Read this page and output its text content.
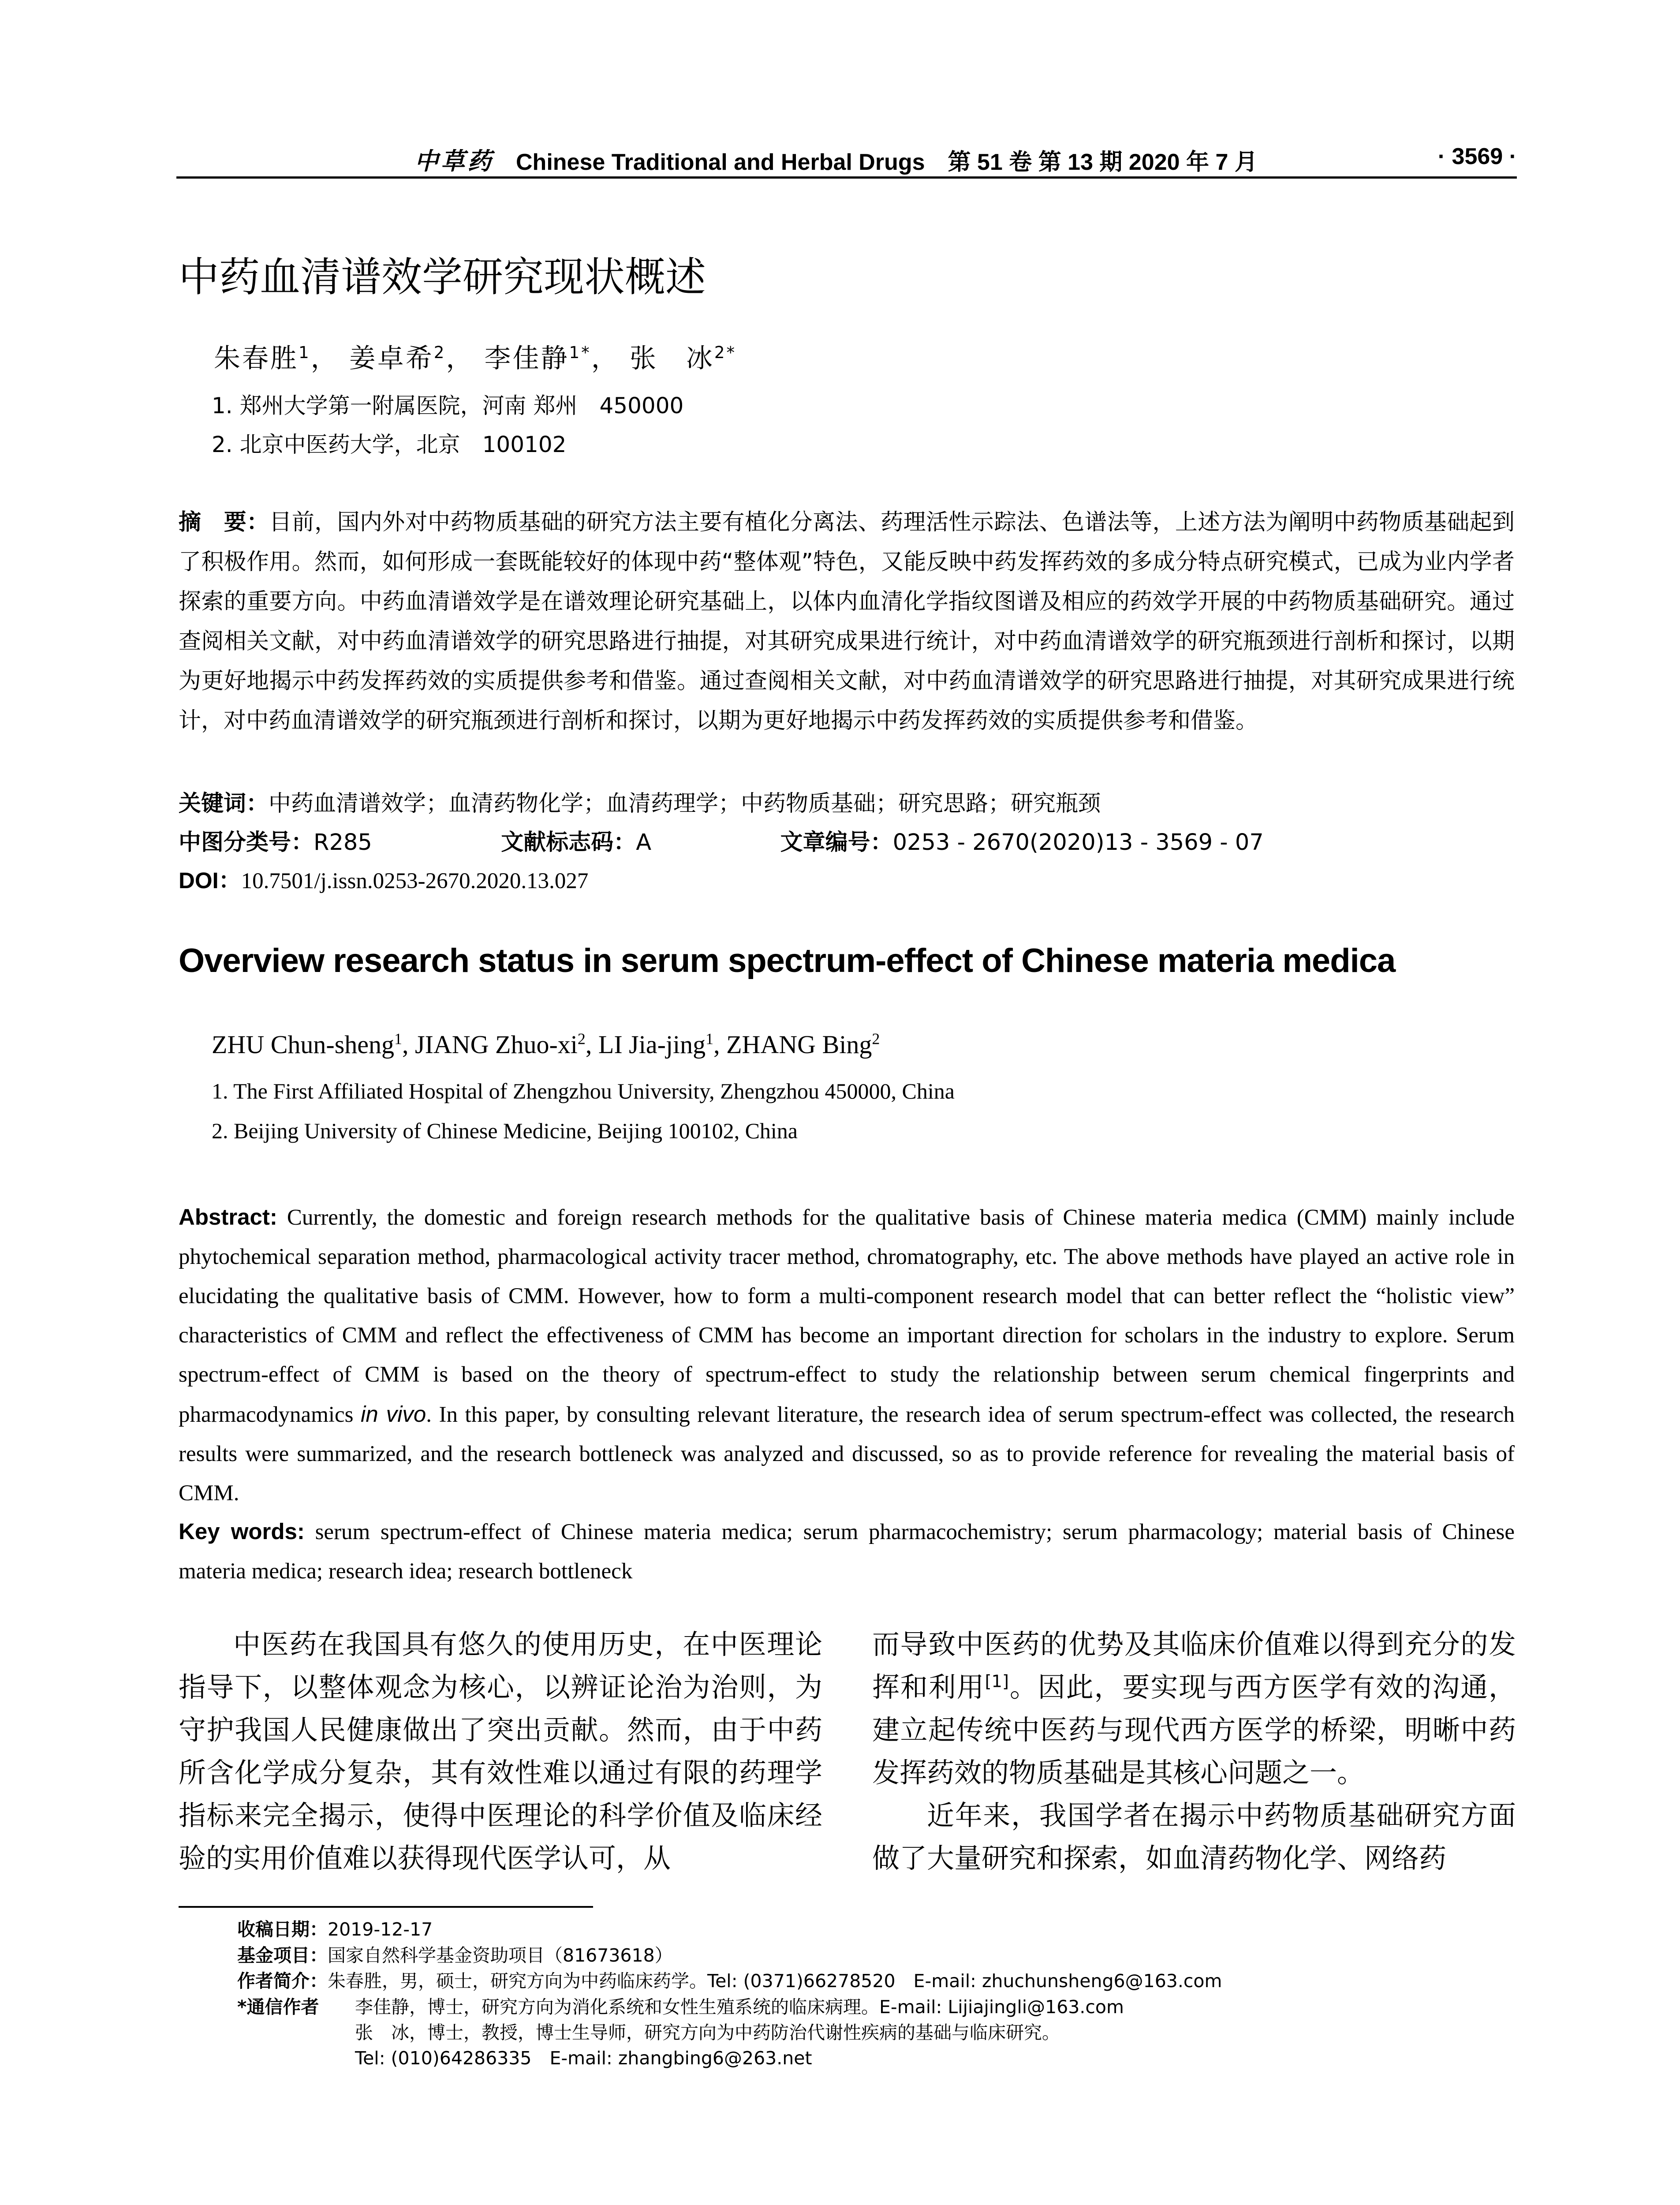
中草药 Chinese Traditional and Herbal Drugs　第 51 卷 第 13 期 2020 年 7 月	· 3569 ·
中药血清谱效学研究现状概述
朱春胜$^1$， 姜卓希$^2$， 李佳静$^{1*}$， 张　冰$^{2*}$
1. 郑州大学第一附属医院，河南 郑州　450000
2. 北京中医药大学，北京　100102
摘　要：目前，国内外对中药物质基础的研究方法主要有植化分离法、药理活性示踪法、色谱法等，上述方法为阐明中药物质基础起到了积极作用。然而，如何形成一套既能较好的体现中药“整体观”特色，又能反映中药发挥药效的多成分特点研究模式，已成为业内学者探索的重要方向。中药血清谱效学是在谱效理论研究基础上，以体内血清化学指纹图谱及相应的药效学开展的中药物质基础研究。通过查阅相关文献，对中药血清谱效学的研究思路进行抽提，对其研究成果进行统计，对中药血清谱效学的研究瓶颈进行剖析和探讨，以期为更好地揭示中药发挥药效的实质提供参考和借鉴。通过查阅相关文献，对中药血清谱效学的研究思路进行抽提，对其研究成果进行统计，对中药血清谱效学的研究瓶颈进行剖析和探讨，以期为更好地揭示中药发挥药效的实质提供参考和借鉴。
关键词：中药血清谱效学；血清药物化学；血清药理学；中药物质基础；研究思路；研究瓶颈
中图分类号：R285	文献标志码：A	文章编号：0253 - 2670(2020)13 - 3569 - 07
DOI：10.7501/j.issn.0253-2670.2020.13.027
Overview research status in serum spectrum-effect of Chinese materia medica
ZHU Chun-sheng$^1$, JIANG Zhuo-$xi^2$, LI Jia-jing$^1$, ZHANG Bing$^2$
1. The First Affiliated Hospital of Zhengzhou University, Zhengzhou 450000, China
2. Beijing University of Chinese Medicine, Beijing 100102, China
Abstract: Currently, the domestic and foreign research methods for the qualitative basis of Chinese materia medica (CMM) mainly include phytochemical separation method, pharmacological activity tracer method, chromatography, etc. The above methods have played an active role in elucidating the qualitative basis of CMM. However, how to form a multi-component research model that can better reflect the “holistic view” characteristics of CMM and reflect the effectiveness of CMM has become an important direction for scholars in the industry to explore. Serum spectrum-effect of CMM is based on the theory of spectrum-effect to study the relationship between serum chemical fingerprints and pharmacodynamics in vivo. In this paper, by consulting relevant literature, the research idea of serum spectrum-effect was collected, the research results were summarized, and the research bottleneck was analyzed and discussed, so as to provide reference for revealing the material basis of CMM.
Key words: serum spectrum-effect of Chinese materia medica; serum pharmacochemistry; serum pharmacology; material basis of Chinese materia medica; research idea; research bottleneck

中医药在我国具有悠久的使用历史，在中医理论指导下，以整体观念为核心，以辨证论治为治则，为守护我国人民健康做出了突出贡献。然而，由于中药所含化学成分复杂，其有效性难以通过有限的药理学指标来完全揭示，使得中医理论的科学价值及临床经验的实用价值难以获得现代医学认可，从

而导致中医药的优势及其临床价值难以得到充分的发挥和利用[1]。因此，要实现与西方医学有效的沟通，建立起传统中医药与现代西方医学的桥梁，明晰中药发挥药效的物质基础是其核心问题之一。

近年来，我国学者在揭示中药物质基础研究方面做了大量研究和探索，如血清药物化学、网络药

收稿日期：2019-12-17
基金项目：国家自然科学基金资助项目（81673618）
作者简介：朱春胜，男，硕士，研究方向为中药临床药学。Tel: (0371)66278520　E-mail: zhuchunsheng6@163.com
*通信作者 李佳静，博士，研究方向为消化系统和女性生殖系统的临床病理。E-mail: Lijiajingli@163.com
张　冰，博士，教授，博士生导师，研究方向为中药防治代谢性疾病的基础与临床研究。
Tel: (010)64286335　E-mail: zhangbing6@263.net
